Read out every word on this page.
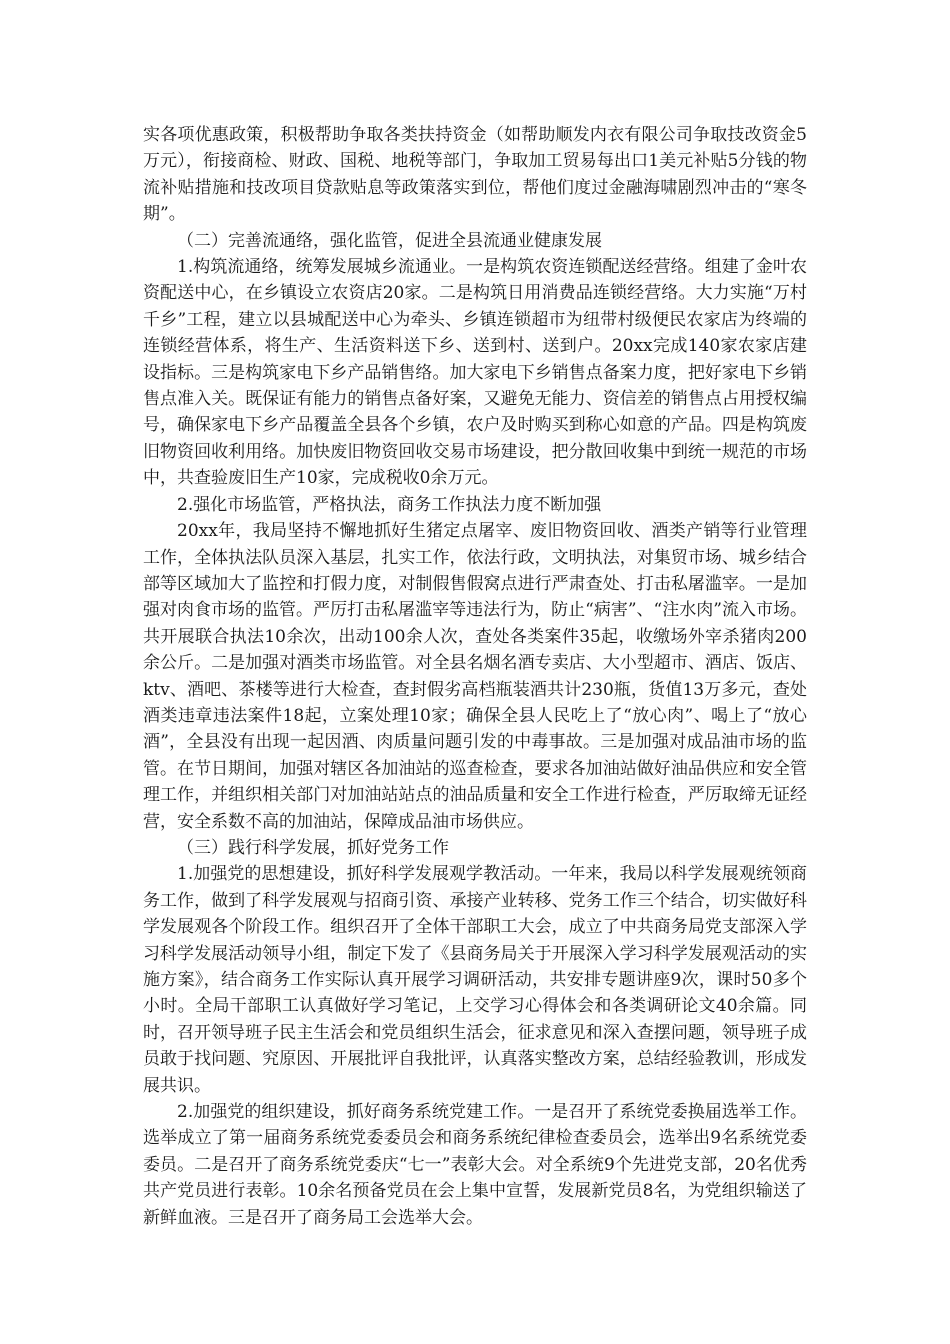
实各项优惠政策，积极帮助争取各类扶持资金（如帮助顺发内衣有限公司争取技改资金5万元），衔接商检、财政、国税、地税等部门，争取加工贸易每出口1美元补贴5分钱的物流补贴措施和技改项目贷款贴息等政策落实到位，帮他们度过金融海啸剧烈冲击的“寒冬期”。

（二）完善流通络，强化监管，促进全县流通业健康发展

1.构筑流通络，统筹发展城乡流通业。一是构筑农资连锁配送经营络。组建了金叶农资配送中心，在乡镇设立农资店20家。二是构筑日用消费品连锁经营络。大力实施“万村千乡”工程，建立以县城配送中心为牵头、乡镇连锁超市为纽带村级便民农家店为终端的连锁经营体系，将生产、生活资料送下乡、送到村、送到户。20xx完成140家农家店建设指标。三是构筑家电下乡产品销售络。加大家电下乡销售点备案力度，把好家电下乡销售点准入关。既保证有能力的销售点备好案，又避免无能力、资信差的销售点占用授权编号，确保家电下乡产品覆盖全县各个乡镇，农户及时购买到称心如意的产品。四是构筑废旧物资回收利用络。加快废旧物资回收交易市场建设，把分散回收集中到统一规范的市场中，共查验废旧生产10家，完成税收0余万元。

2.强化市场监管，严格执法，商务工作执法力度不断加强

20xx年，我局坚持不懈地抓好生猪定点屠宰、废旧物资回收、酒类产销等行业管理工作，全体执法队员深入基层，扎实工作，依法行政，文明执法，对集贸市场、城乡结合部等区域加大了监控和打假力度，对制假售假窝点进行严肃查处、打击私屠滥宰。一是加强对肉食市场的监管。严厉打击私屠滥宰等违法行为，防止“病害”、“注水肉”流入市场。共开展联合执法10余次，出动100余人次，查处各类案件35起，收缴场外宰杀猪肉200余公斤。二是加强对酒类市场监管。对全县名烟名酒专卖店、大小型超市、酒店、饭店、ktv、酒吧、茶楼等进行大检查，查封假劣高档瓶装酒共计230瓶，货值13万多元，查处酒类违章违法案件18起，立案处理10家；确保全县人民吃上了“放心肉”、喝上了“放心酒”，全县没有出现一起因酒、肉质量问题引发的中毒事故。三是加强对成品油市场的监管。在节日期间，加强对辖区各加油站的巡查检查，要求各加油站做好油品供应和安全管理工作，并组织相关部门对加油站站点的油品质量和安全工作进行检查，严厉取缔无证经营，安全系数不高的加油站，保障成品油市场供应。

（三）践行科学发展，抓好党务工作

1.加强党的思想建设，抓好科学发展观学教活动。一年来，我局以科学发展观统领商务工作，做到了科学发展观与招商引资、承接产业转移、党务工作三个结合，切实做好科学发展观各个阶段工作。组织召开了全体干部职工大会，成立了中共商务局党支部深入学习科学发展活动领导小组，制定下发了《县商务局关于开展深入学习科学发展观活动的实施方案》，结合商务工作实际认真开展学习调研活动，共安排专题讲座9次，课时50多个小时。全局干部职工认真做好学习笔记，上交学习心得体会和各类调研论文40余篇。同时，召开领导班子民主生活会和党员组织生活会，征求意见和深入查摆问题，领导班子成员敢于找问题、究原因、开展批评自我批评，认真落实整改方案，总结经验教训，形成发展共识。

2.加强党的组织建设，抓好商务系统党建工作。一是召开了系统党委换届选举工作。选举成立了第一届商务系统党委委员会和商务系统纪律检查委员会，选举出9名系统党委委员。二是召开了商务系统党委庆“七一”表彰大会。对全系统9个先进党支部，20名优秀共产党员进行表彰。10余名预备党员在会上集中宣誓，发展新党员8名，为党组织输送了新鲜血液。三是召开了商务局工会选举大会。
